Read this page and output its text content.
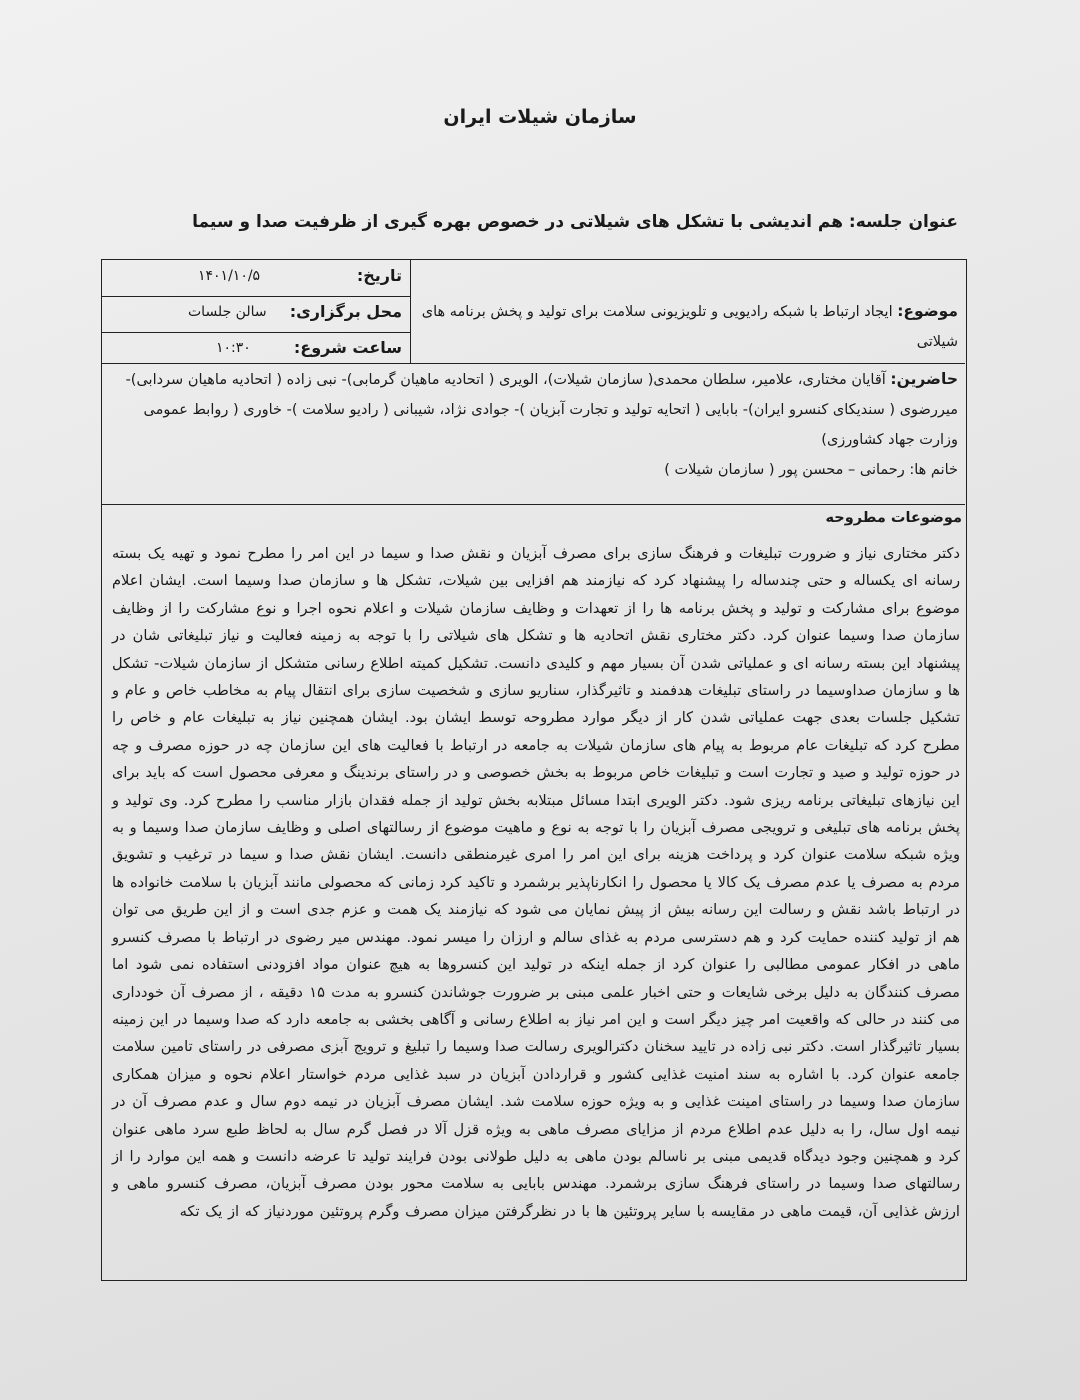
سازمان شیلات ایران
عنوان جلسه: هم اندیشی با تشکل های شیلاتی در خصوص بهره گیری از ظرفیت صدا و سیما
تاریخ:
۱۴۰۱/۱۰/۵
محل برگزاری:
سالن جلسات
ساعت شروع:
۱۰:۳۰
موضوع: ایجاد ارتباط با شبکه رادیویی و تلویزیونی سلامت برای تولید و پخش برنامه های شیلاتی
حاضرین: آقایان مختاری، علامیر، سلطان محمدی( سازمان شیلات)، الویری ( اتحادیه ماهیان گرمابی)- نبی زاده ( اتحادیه ماهیان سردابی)- میررضوی ( سندیکای کنسرو ایران)- بابایی ( اتحایه تولید و تجارت آبزیان )- جوادی نژاد، شیبانی ( رادیو سلامت )- خاوری ( روابط عمومی وزارت جهاد کشاورزی)
خانم ها: رحمانی – محسن پور ( سازمان شیلات )
موضوعات مطروحه
دکتر مختاری نیاز و ضرورت تبلیغات و فرهنگ سازی برای مصرف آبزیان و نقش صدا و سیما در این امر را مطرح نمود و تهیه یک بسته رسانه ای یکساله و حتی چندساله را پیشنهاد کرد که نیازمند هم افزایی بین شیلات، تشکل ها و سازمان صدا وسیما است. ایشان اعلام موضوع برای مشارکت و تولید و پخش برنامه ها را از تعهدات و وظایف سازمان شیلات و اعلام نحوه اجرا و نوع مشارکت را از وظایف سازمان صدا وسیما عنوان کرد. دکتر مختاری نقش اتحادیه ها و تشکل های شیلاتی را با توجه به زمینه فعالیت و نیاز تبلیغاتی شان در پیشنهاد این بسته رسانه ای و عملیاتی شدن آن بسیار مهم و کلیدی دانست. تشکیل کمیته اطلاع رسانی متشکل از سازمان شیلات- تشکل ها و سازمان صداوسیما در راستای تبلیغات هدفمند و تاثیرگذار، سناریو سازی و شخصیت سازی برای انتقال پیام به مخاطب خاص و عام و تشکیل جلسات بعدی جهت عملیاتی شدن کار از دیگر موارد مطروحه توسط ایشان بود. ایشان همچنین نیاز به تبلیغات عام و خاص را مطرح کرد که تبلیغات عام مربوط به پیام های سازمان شیلات به جامعه در ارتباط با فعالیت های این سازمان چه در حوزه مصرف و چه در حوزه تولید و صید و تجارت است و تبلیغات خاص مربوط به بخش خصوصی و در راستای برندینگ و معرفی محصول است که باید برای این نیازهای تبلیغاتی برنامه ریزی شود. دکتر الویری ابتدا مسائل مبتلابه بخش تولید از جمله فقدان بازار مناسب را مطرح کرد. وی تولید و پخش برنامه های تبلیغی و ترویجی مصرف آبزیان را با توجه به نوع و ماهیت موضوع از رسالتهای اصلی و وظایف سازمان صدا وسیما و به ویژه شبکه سلامت عنوان کرد و پرداخت هزینه برای این امر را امری غیرمنطقی دانست. ایشان نقش صدا و سیما در ترغیب و تشویق مردم به مصرف یا عدم مصرف یک کالا یا محصول را انکارناپذیر برشمرد و تاکید کرد زمانی که محصولی مانند آبزیان با سلامت خانواده ها در ارتباط باشد نقش و رسالت این رسانه بیش از پیش نمایان می شود که نیازمند یک همت و عزم جدی است و از این طریق می توان هم از تولید کننده حمایت کرد و هم دسترسی مردم به غذای سالم و ارزان را میسر نمود. مهندس میر رضوی در ارتباط با مصرف کنسرو ماهی در افکار عمومی مطالبی را عنوان کرد از جمله اینکه در تولید این کنسروها به هیچ عنوان مواد افزودنی استفاده نمی شود اما مصرف کنندگان به دلیل برخی شایعات و حتی اخبار علمی مبنی بر ضرورت جوشاندن کنسرو به مدت ۱۵ دقیقه ، از مصرف آن خودداری می کنند در حالی که واقعیت امر چیز دیگر است و این امر نیاز به اطلاع رسانی و آگاهی بخشی به جامعه دارد که صدا وسیما در این زمینه بسیار تاثیرگذار است. دکتر نبی زاده در تایید سخنان دکترالویری رسالت صدا وسیما را تبلیغ و ترویج آبزی مصرفی در راستای تامین سلامت جامعه عنوان کرد. با اشاره به سند امنیت غذایی کشور و قراردادن آبزیان در سبد غذایی مردم خواستار اعلام نحوه و میزان همکاری سازمان صدا وسیما در راستای امینت غذایی و به ویژه حوزه سلامت شد. ایشان مصرف آبزیان در نیمه دوم سال و عدم مصرف آن در نیمه اول سال، را به دلیل عدم اطلاع مردم از مزایای مصرف ماهی به ویژه قزل آلا در فصل گرم سال به لحاظ طبع سرد ماهی عنوان کرد و همچنین وجود دیدگاه قدیمی مبنی بر ناسالم بودن ماهی به دلیل طولانی بودن فرایند تولید تا عرضه دانست و همه این موارد را از رسالتهای صدا وسیما در راستای فرهنگ سازی برشمرد. مهندس بابایی به سلامت محور بودن مصرف آبزیان، مصرف کنسرو ماهی و ارزش غذایی آن، قیمت ماهی در مقایسه با سایر پروتئین ها با در نظرگرفتن میزان مصرف وگرم پروتئین موردنیاز که از یک تکه
